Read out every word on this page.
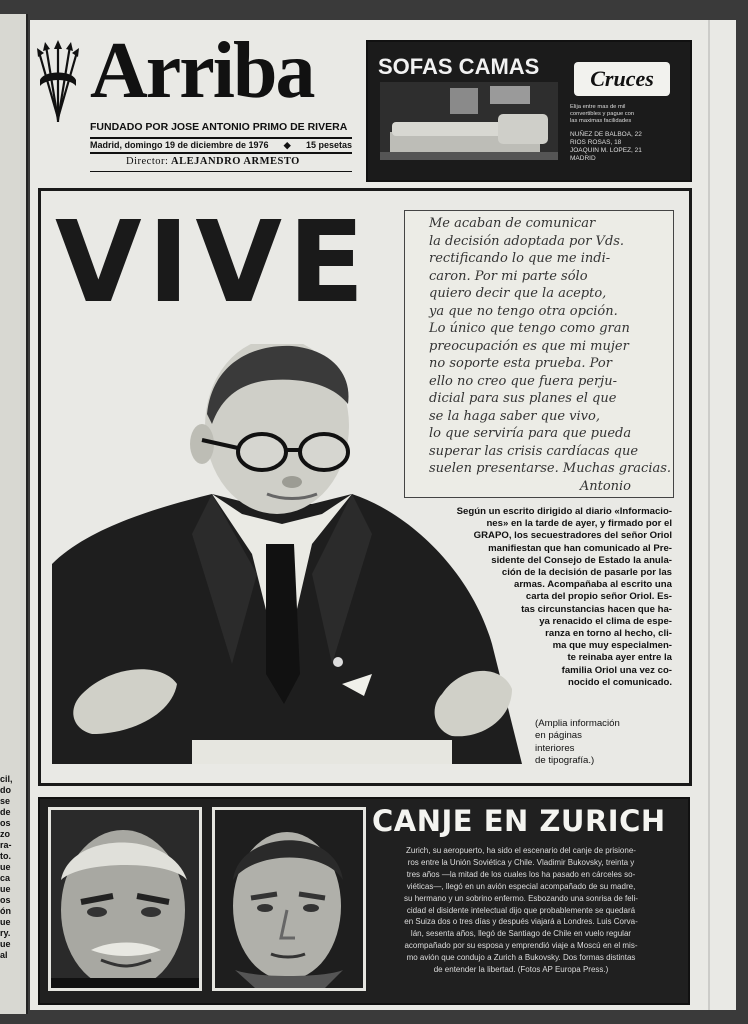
cil,
do
se
de
os
zo
ra-
to.
ue
ca
ue
os
ón
ue
ry.
ue
al
Arriba
FUNDADO POR JOSE ANTONIO PRIMO DE RIVERA
Madrid, domingo 19 de diciembre de 1976 ◆ 15 pesetas
Director: ALEJANDRO ARMESTO
SOFAS CAMAS	Cruces
Elija entre mas de mil
convertibles y pague con
las maximas facilidades
NUÑEZ DE BALBOA, 22
RIOS ROSAS, 18
JOAQUIN M. LOPEZ, 21
MADRID
VIVE	Me acaban de comunicar
la decisión adoptada por Vds.
rectificando lo que me indi-
caron. Por mi parte sólo
quiero decir que la acepto,
ya que no tengo otra opción.
Lo único que tengo como gran
preocupación es que mi mujer
no soporte esta prueba. Por
ello no creo que fuera perju-
dicial para sus planes el que
se la haga saber que vivo,
lo que serviría para que pueda
superar las crisis cardíacas que
suelen presentarse. Muchas gracias.
Antonio
Según un escrito dirigido al diario «Informacio-
nes» en la tarde de ayer, y firmado por el
GRAPO, los secuestradores del señor Oriol
manifiestan que han comunicado al Pre-
sidente del Consejo de Estado la anula-
ción de la decisión de pasarle por las
armas. Acompañaba al escrito una
carta del propio señor Oriol. Es-
tas circunstancias hacen que ha-
ya renacido el clima de espe-
ranza en torno al hecho, cli-
ma que muy especialmen-
te reinaba ayer entre la
familia Oriol una vez co-
nocido el comunicado.
(Amplia información
en páginas
interiores
de tipografía.)
CANJE EN ZURICH
Zurich, su aeropuerto, ha sido el escenario del canje de prisione-
ros entre la Unión Soviética y Chile. Vladimir Bukovsky, treinta y
tres años —la mitad de los cuales los ha pasado en cárceles so-
viéticas—, llegó en un avión especial acompañado de su madre,
su hermano y un sobrino enfermo. Esbozando una sonrisa de feli-
cidad el disidente intelectual dijo que probablemente se quedará
en Suiza dos o tres días y después viajará a Londres. Luis Corva-
lán, sesenta años, llegó de Santiago de Chile en vuelo regular
acompañado por su esposa y emprendió viaje a Moscú en el mis-
mo avión que condujo a Zurich a Bukovsky. Dos formas distintas
de entender la libertad. (Fotos AP Europa Press.)
